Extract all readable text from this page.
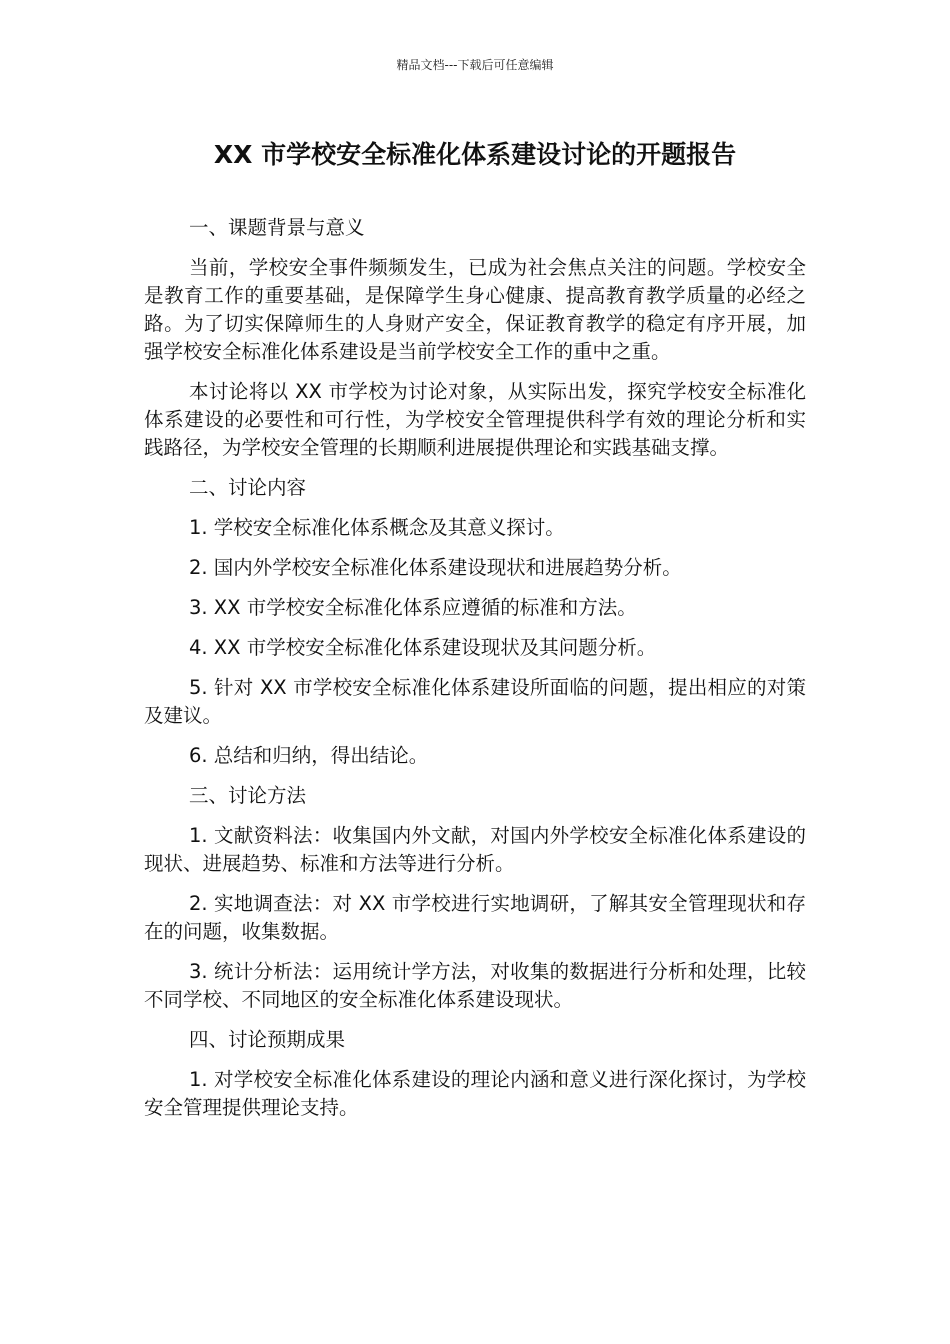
精品文档---下载后可任意编辑
XX 市学校安全标准化体系建设讨论的开题报告

一、课题背景与意义

当前，学校安全事件频频发生，已成为社会焦点关注的问题。学校安全是教育工作的重要基础，是保障学生身心健康、提高教育教学质量的必经之路。为了切实保障师生的人身财产安全，保证教育教学的稳定有序开展，加强学校安全标准化体系建设是当前学校安全工作的重中之重。

本讨论将以 XX 市学校为讨论对象，从实际出发，探究学校安全标准化体系建设的必要性和可行性，为学校安全管理提供科学有效的理论分析和实践路径，为学校安全管理的长期顺利进展提供理论和实践基础支撑。

二、讨论内容

1. 学校安全标准化体系概念及其意义探讨。

2. 国内外学校安全标准化体系建设现状和进展趋势分析。

3. XX 市学校安全标准化体系应遵循的标准和方法。

4. XX 市学校安全标准化体系建设现状及其问题分析。

5. 针对 XX 市学校安全标准化体系建设所面临的问题，提出相应的对策及建议。

6. 总结和归纳，得出结论。

三、讨论方法

1. 文献资料法：收集国内外文献，对国内外学校安全标准化体系建设的现状、进展趋势、标准和方法等进行分析。

2. 实地调查法：对 XX 市学校进行实地调研，了解其安全管理现状和存在的问题，收集数据。

3. 统计分析法：运用统计学方法，对收集的数据进行分析和处理，比较不同学校、不同地区的安全标准化体系建设现状。

四、讨论预期成果

1. 对学校安全标准化体系建设的理论内涵和意义进行深化探讨，为学校安全管理提供理论支持。
